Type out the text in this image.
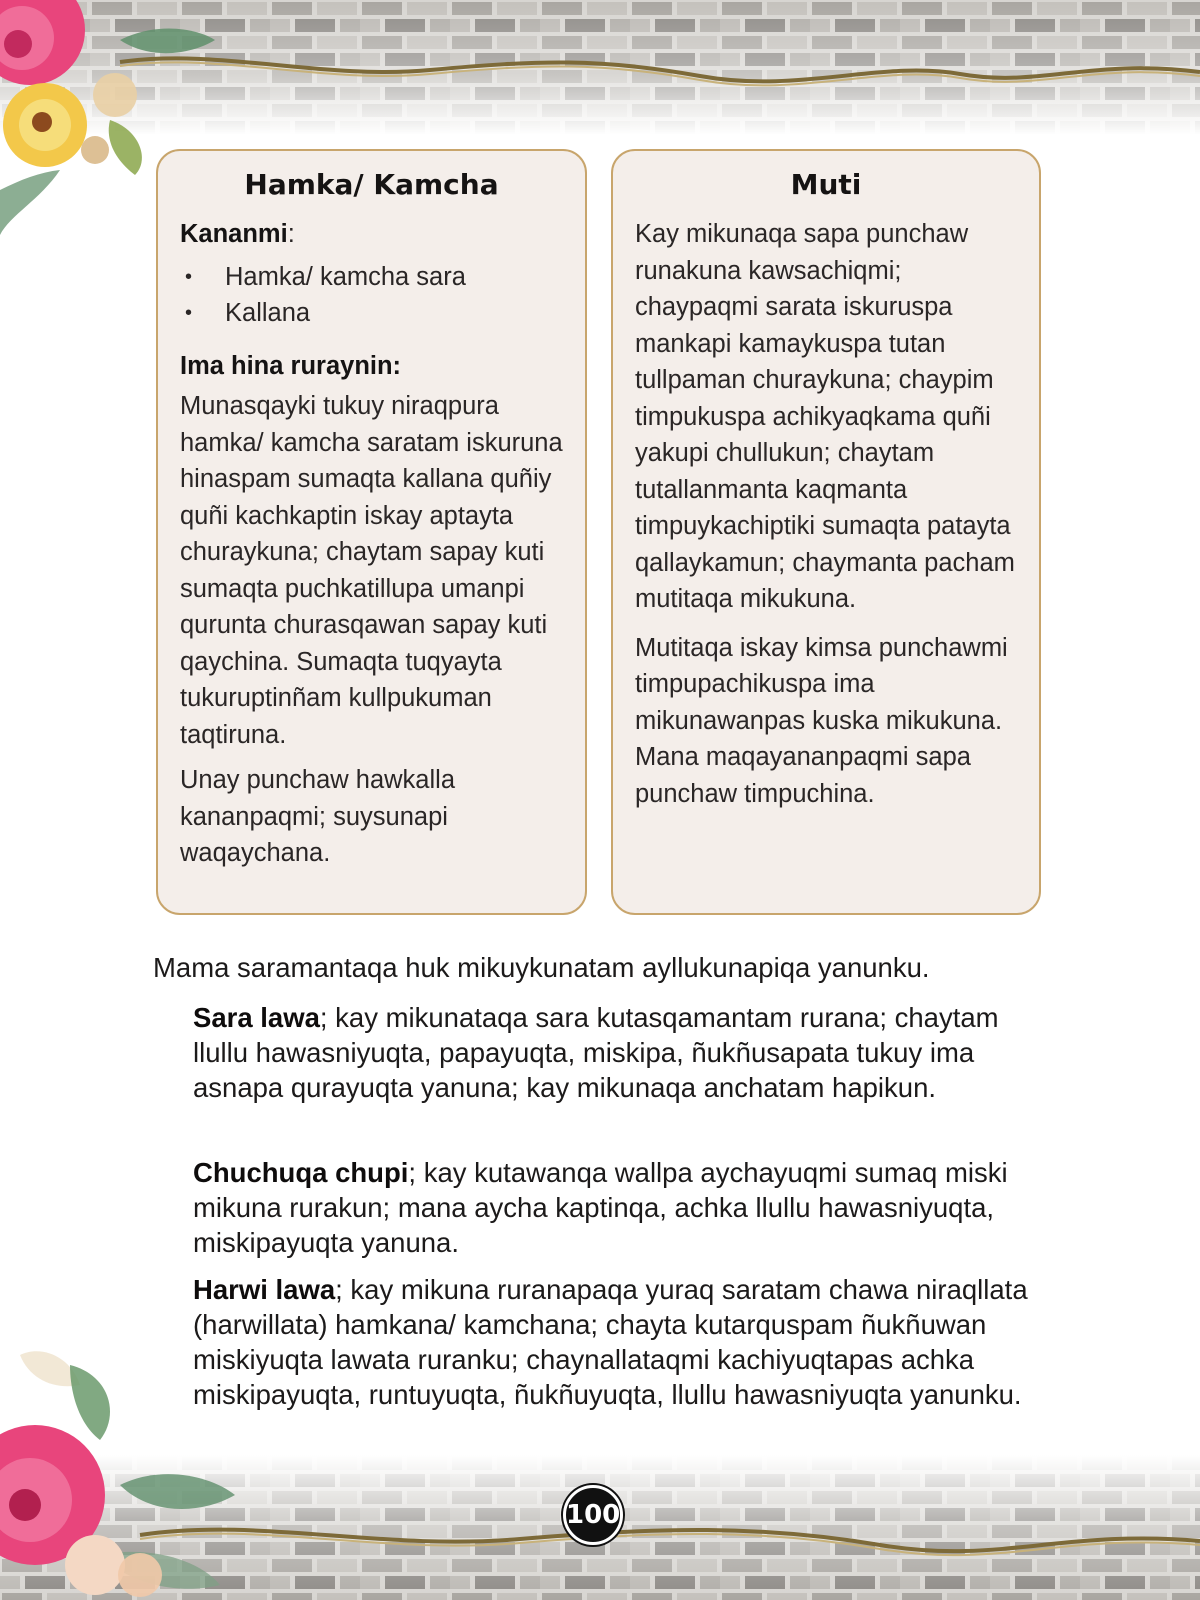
Hamka/ Kamcha
Kananmi:
• Hamka/ kamcha sara
• Kallana
Ima hina ruraynin:

Munasqayki tukuy niraqpura hamka/ kamcha saratam iskuruna hinaspam sumaqta kallana quñiy quñi kachkaptin iskay aptayta churaykuna; chaytam sapay kuti sumaqta puchkatillupa umanpi qurunta churasqawan sapay kuti qaychina. Sumaqta tuqyayta tukuruptinñam kullpukuman taqtiruna.

Unay punchaw hawkalla kananpaqmi; suysunapi waqaychana.

Muti

Kay mikunaqa sapa punchaw runakuna kawsachiqmi; chaypaqmi sarata iskuruspa mankapi kamaykuspa tutan tullpaman churaykuna; chaypim timpukuspa achikyaqkama quñi yakupi chullukun; chaytam tutallanmanta kaqmanta timpuykachiptiki sumaqta patayta qallaykamun; chaymanta pacham mutitaqa mikukuna.

Mutitaqa iskay kimsa punchawmi timpupachikuspa ima mikunawanpas kuska mikukuna. Mana maqayananpaqmi sapa punchaw timpuchina.

Mama saramantaqa huk mikuykunatam ayllukunapiqa yanunku.

Sara lawa; kay mikunataqa sara kutasqamantam rurana; chaytam llullu hawasniyuqta, papayuqta, miskipa, ñukñusapata tukuy ima asnapa qurayuqta yanuna; kay mikunaqa anchatam hapikun.

Chuchuqa chupi; kay kutawanqa wallpa aychayuqmi sumaq miski mikuna rurakun; mana aycha kaptinqa, achka llullu hawasniyuqta, miskipayuqta yanuna.

Harwi lawa; kay mikuna ruranapaqa yuraq saratam chawa niraqllata (harwillata) hamkana/ kamchana; chayta kutarquspam ñukñuwan miskiyuqta lawata ruranku; chaynallataqmi kachiyuqtapas achka miskipayuqta, runtuyuqta, ñukñuyuqta, llullu hawasniyuqta yanunku.

100
